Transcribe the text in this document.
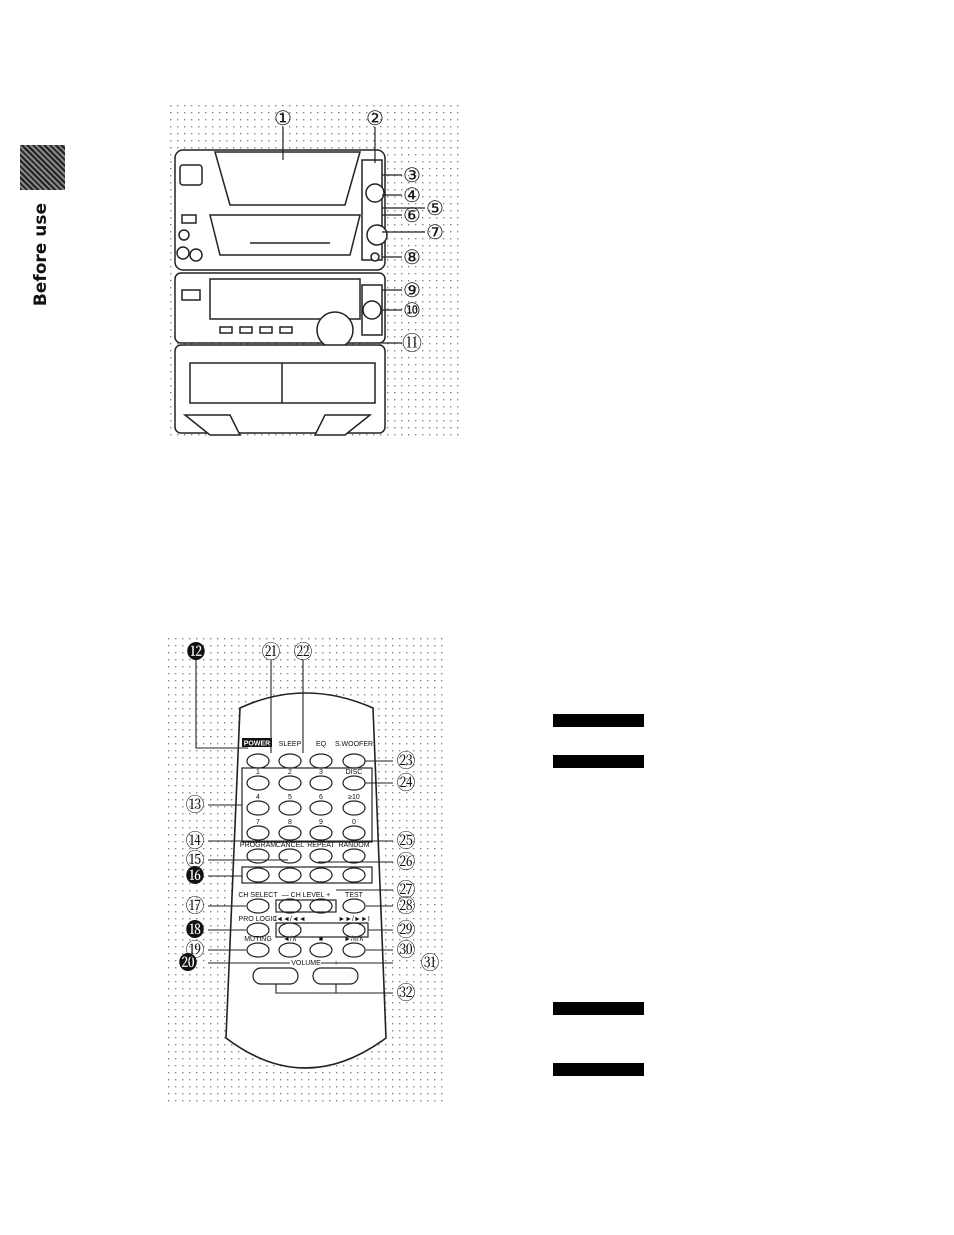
Before use
①	②
③
④
⑤
⑥
⑦
⑧
⑨
⑩
⑪
POWER SLEEP EQ S.WOOFER
1	2	3	DISC
4	5	6	≥10
7	8	9	0
PROGRAM CANCEL REPEAT RANDOM
CH SELECT — CH LEVEL + TEST
PRO LOGIC
I◄◄/◄◄	►►/►►I
MUTING ◄/∧	■	►/II/∧
– VOLUME +
⓬	㉑ ㉒
㉓
㉔
⑬
⑭	㉕
⑮	㉖
⓰
㉗
⑰	㉘
⓲	㉙
⑲	㉚
⓴	㉛
㉜
